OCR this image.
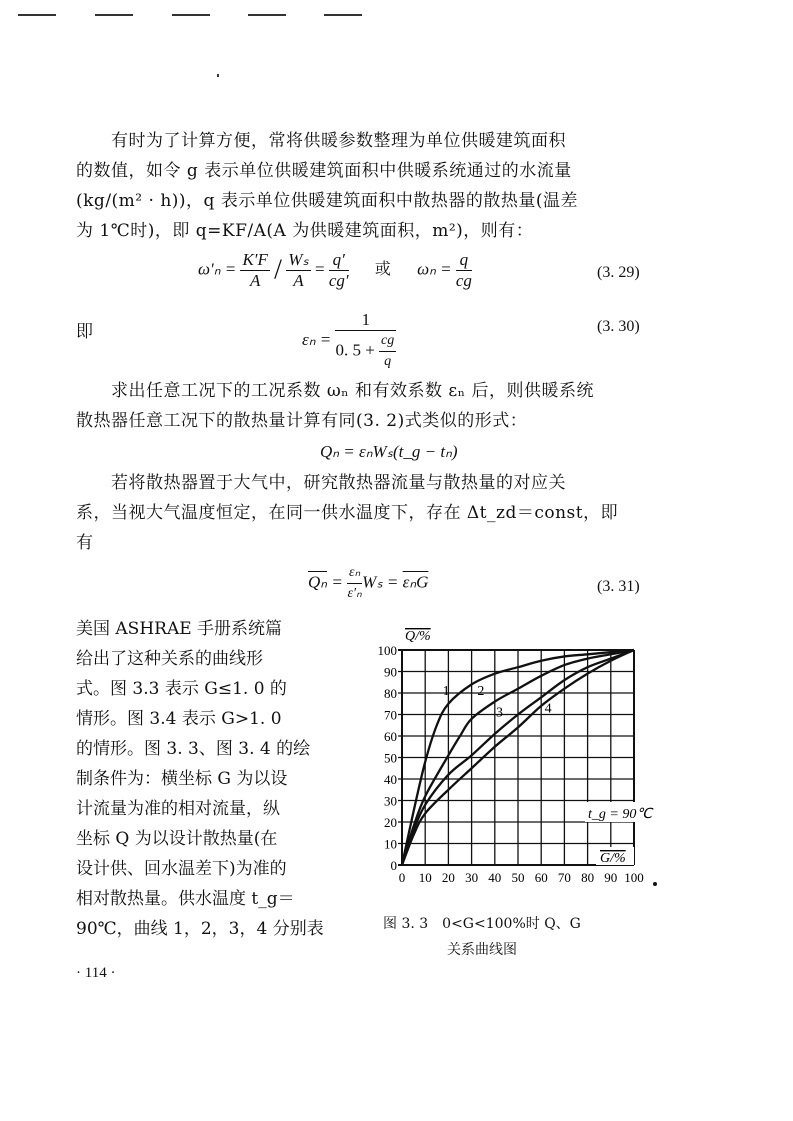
有时为了计算方便，常将供暖参数整理为单位供暖建筑面积
的数值，如令 g 表示单位供暖建筑面积中供暖系统通过的水流量
(kg/(m² · h))，q 表示单位供暖建筑面积中散热器的散热量(温差
为 1℃时)，即 q=KF/A(A 为供暖建筑面积，m²)，则有：
$\omega'_n = \frac{K'F}{A} / \frac{\text{Wₛ}}{A} = \frac{q'}{cg'}$ 或 $\omega_n = \frac{q}{cg}$	(3. 29)
即	$\varepsilon_n = \frac{1}{0. 5 + \frac{cg}{q}}$	(3. 30)
求出任意工况下的工况系数 ωₙ 和有效系数 εₙ 后，则供暖系统
散热器任意工况下的散热量计算有同(3. 2)式类似的形式：
Qₙ = εₙWₛ(t_g − tₙ)
若将散热器置于大气中，研究散热器流量与散热量的对应关
系，当视大气温度恒定，在同一供水温度下，存在 Δt_zd＝const，即
有
$\overline{Q_n} = \frac{\text{εₙ}}{\text{ε′ₙ}}$ $W_s = \overline{\varepsilon_nG}$	(3. 31)
美国 ASHRAE 手册系统篇
给出了这种关系的曲线形
式。图 3.3 表示 G≤1. 0 的
情形。图 3.4 表示 G>1. 0
的情形。图 3. 3、图 3. 4 的绘
制条件为：横坐标 G 为以设
计流量为准的相对流量，纵
坐标 Q 为以设计散热量(在
设计供、回水温差下)为准的
相对散热量。供水温度 t_g＝
90℃，曲线 1，2，3，4 分别表
0 10 20 30 40 50 60 70 80 90 100
0
10
20
30
40
50
60
70
80
90
100
1 2
3	4
t_g = 90℃
G/%
Q/%
图 3. 3　0<G<100%时 Q、G
关系曲线图
· 114 ·
